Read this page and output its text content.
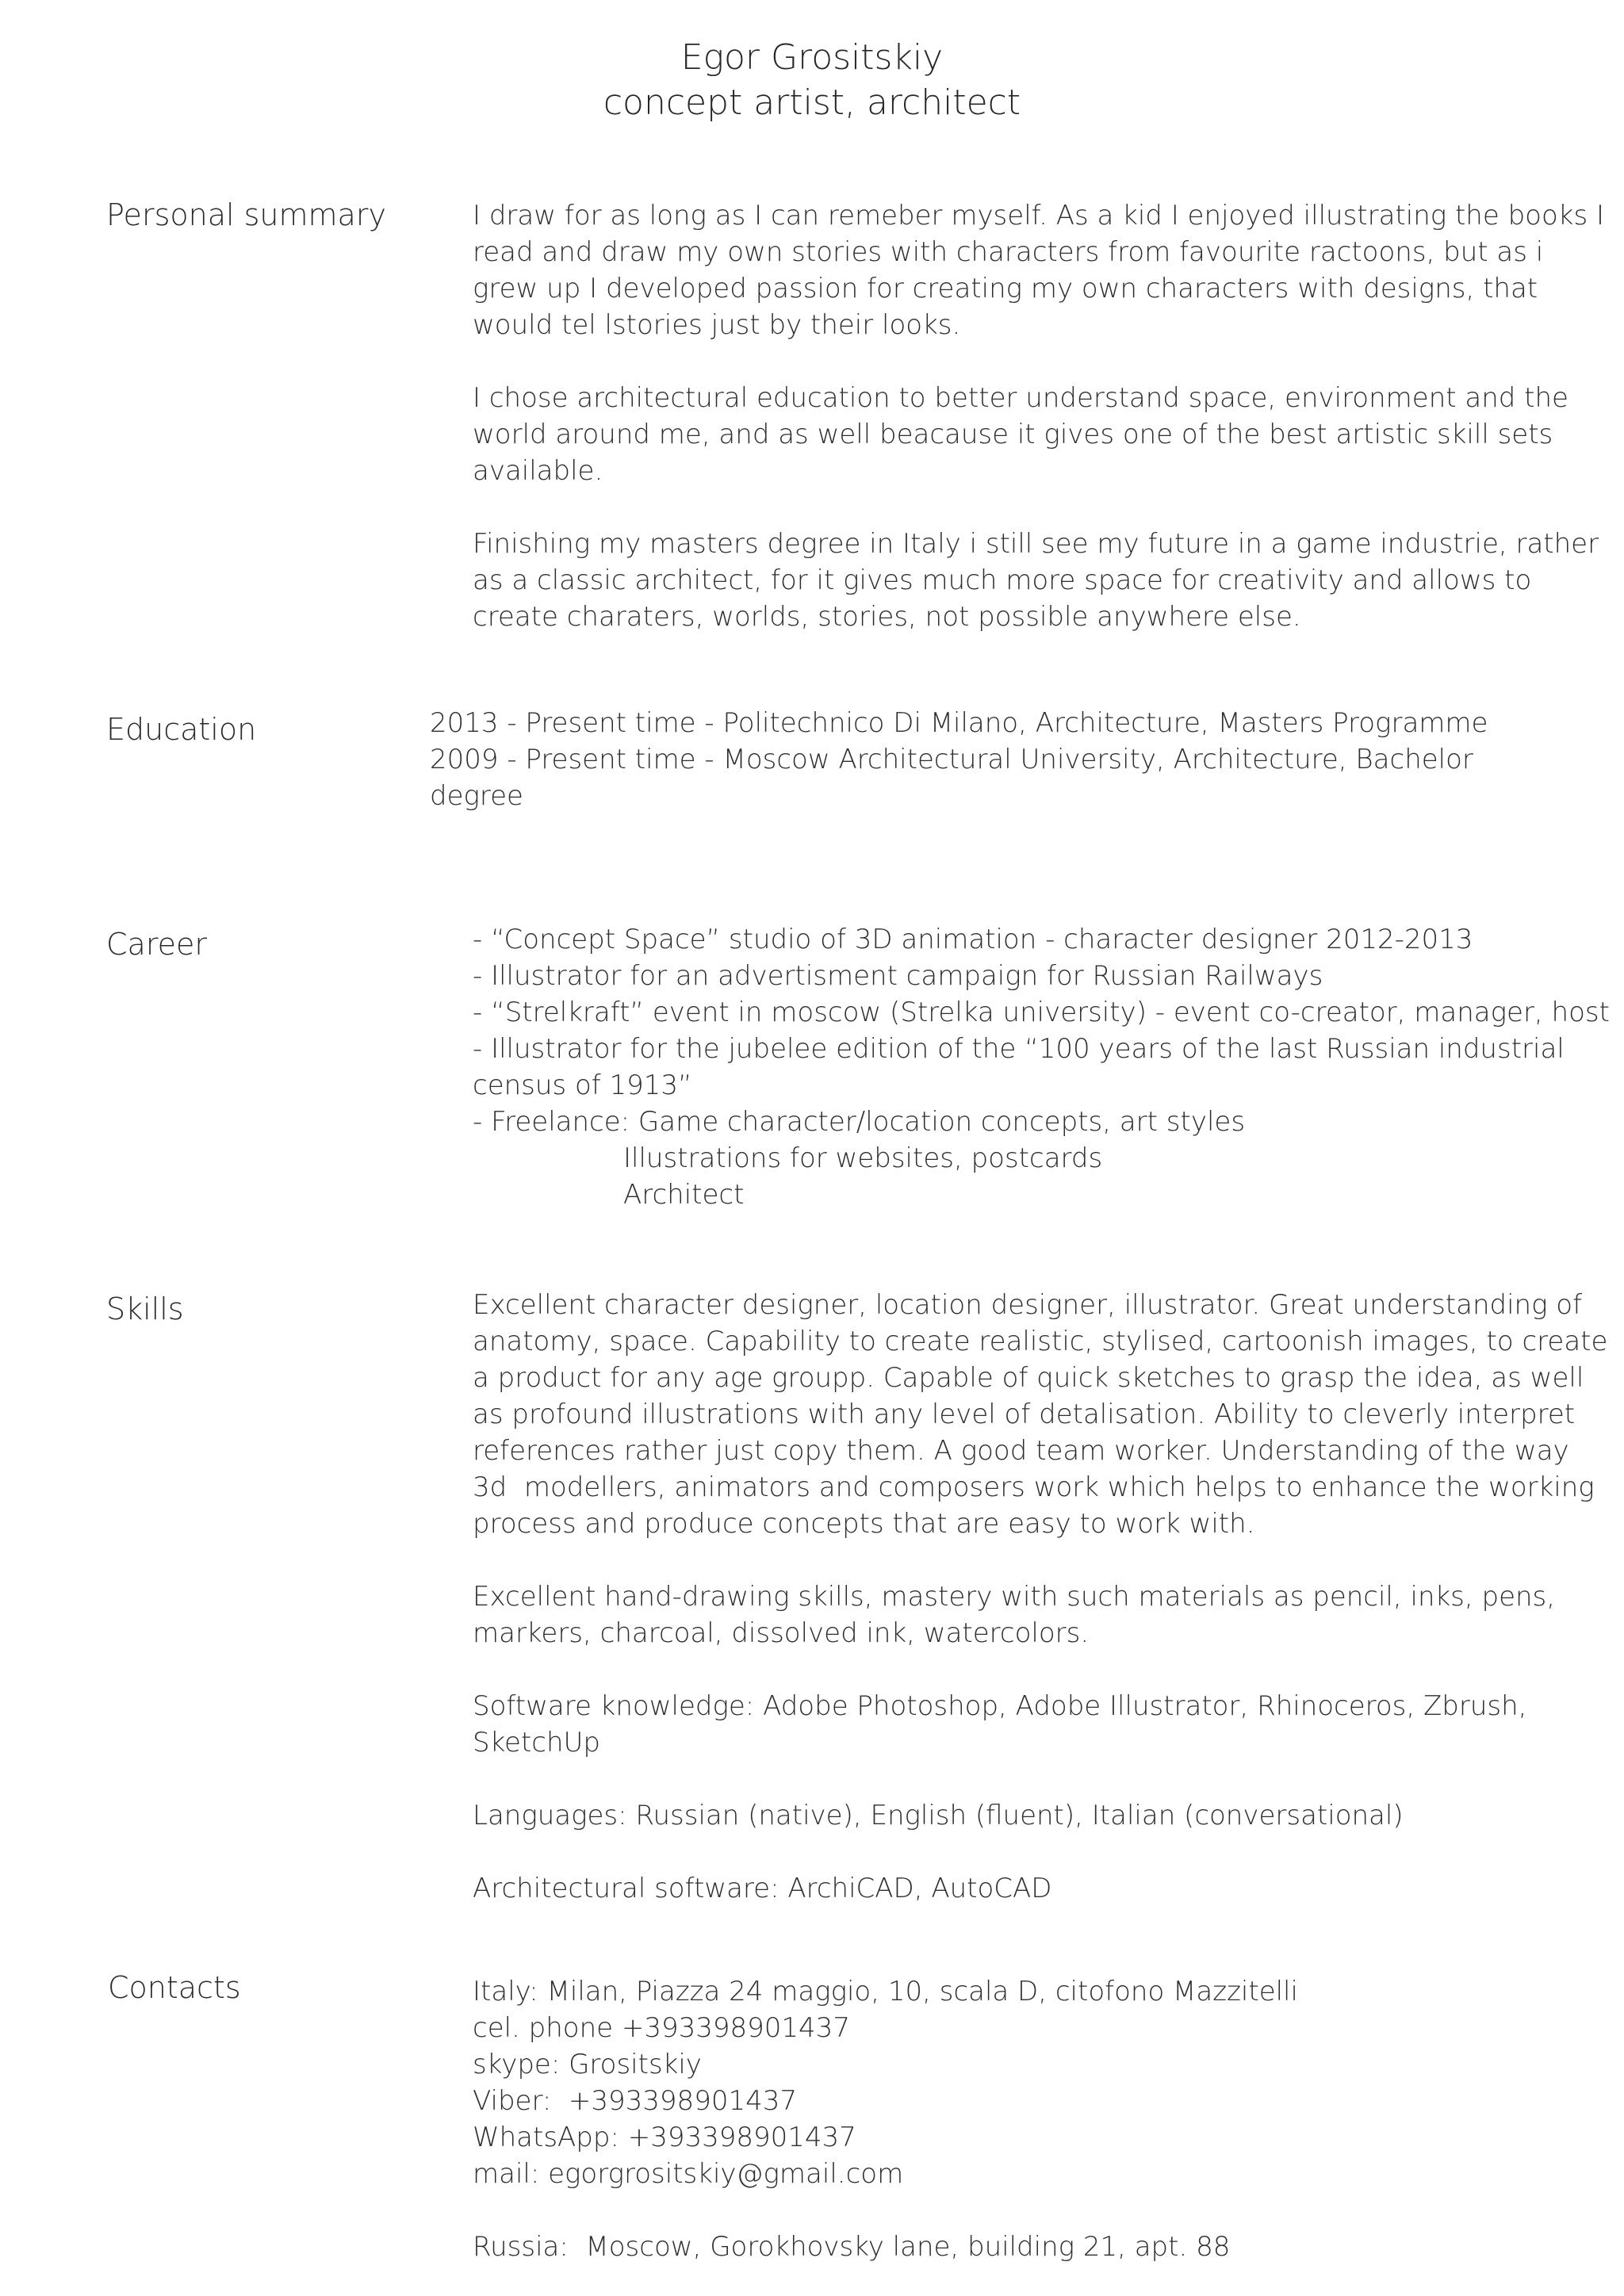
Egor Grositskiy
concept artist, architect
Personal summary	I draw for as long as I can remeber myself. As a kid I enjoyed illustrating the books I
read and draw my own stories with characters from favourite ractoons, but as i
grew up I developed passion for creating my own characters with designs, that
would tel lstories just by their looks.
I chose architectural education to better understand space, environment and the
world around me, and as well beacause it gives one of the best artistic skill sets
available.
Finishing my masters degree in Italy i still see my future in a game industrie, rather
as a classic architect, for it gives much more space for creativity and allows to
create charaters, worlds, stories, not possible anywhere else.
Education	2013 - Present time - Politechnico Di Milano, Architecture, Masters Programme
2009 - Present time - Moscow Architectural University, Architecture, Bachelor
degree
Career	- “Concept Space” studio of 3D animation - character designer 2012-2013
- Illustrator for an advertisment campaign for Russian Railways
- “Strelkraft” event in moscow (Strelka university) - event co-creator, manager, host
- Illustrator for the jubelee edition of the “100 years of the last Russian industrial
census of 1913”
- Freelance: Game character/location concepts, art styles
Illustrations for websites, postcards
Architect
Skills	Excellent character designer, location designer, illustrator. Great understanding of
anatomy, space. Capability to create realistic, stylised, cartoonish images, to create
a product for any age groupp. Capable of quick sketches to grasp the idea, as well
as profound illustrations with any level of detalisation. Ability to cleverly interpret
references rather just copy them. A good team worker. Understanding of the way
3d  modellers, animators and composers work which helps to enhance the working
process and produce concepts that are easy to work with.
Excellent hand-drawing skills, mastery with such materials as pencil, inks, pens,
markers, charcoal, dissolved ink, watercolors.
Software knowledge: Adobe Photoshop, Adobe Illustrator, Rhinoceros, Zbrush,
SketchUp
Languages: Russian (native), English (fluent), Italian (conversational)
Architectural software: ArchiCAD, AutoCAD
Contacts	Italy: Milan, Piazza 24 maggio, 10, scala D, citofono Mazzitelli
cel. phone +393398901437
skype: Grositskiy
Viber:  +393398901437
WhatsApp: +393398901437
mail: egorgrositskiy@gmail.com
Russia:  Moscow, Gorokhovsky lane, building 21, apt. 88
